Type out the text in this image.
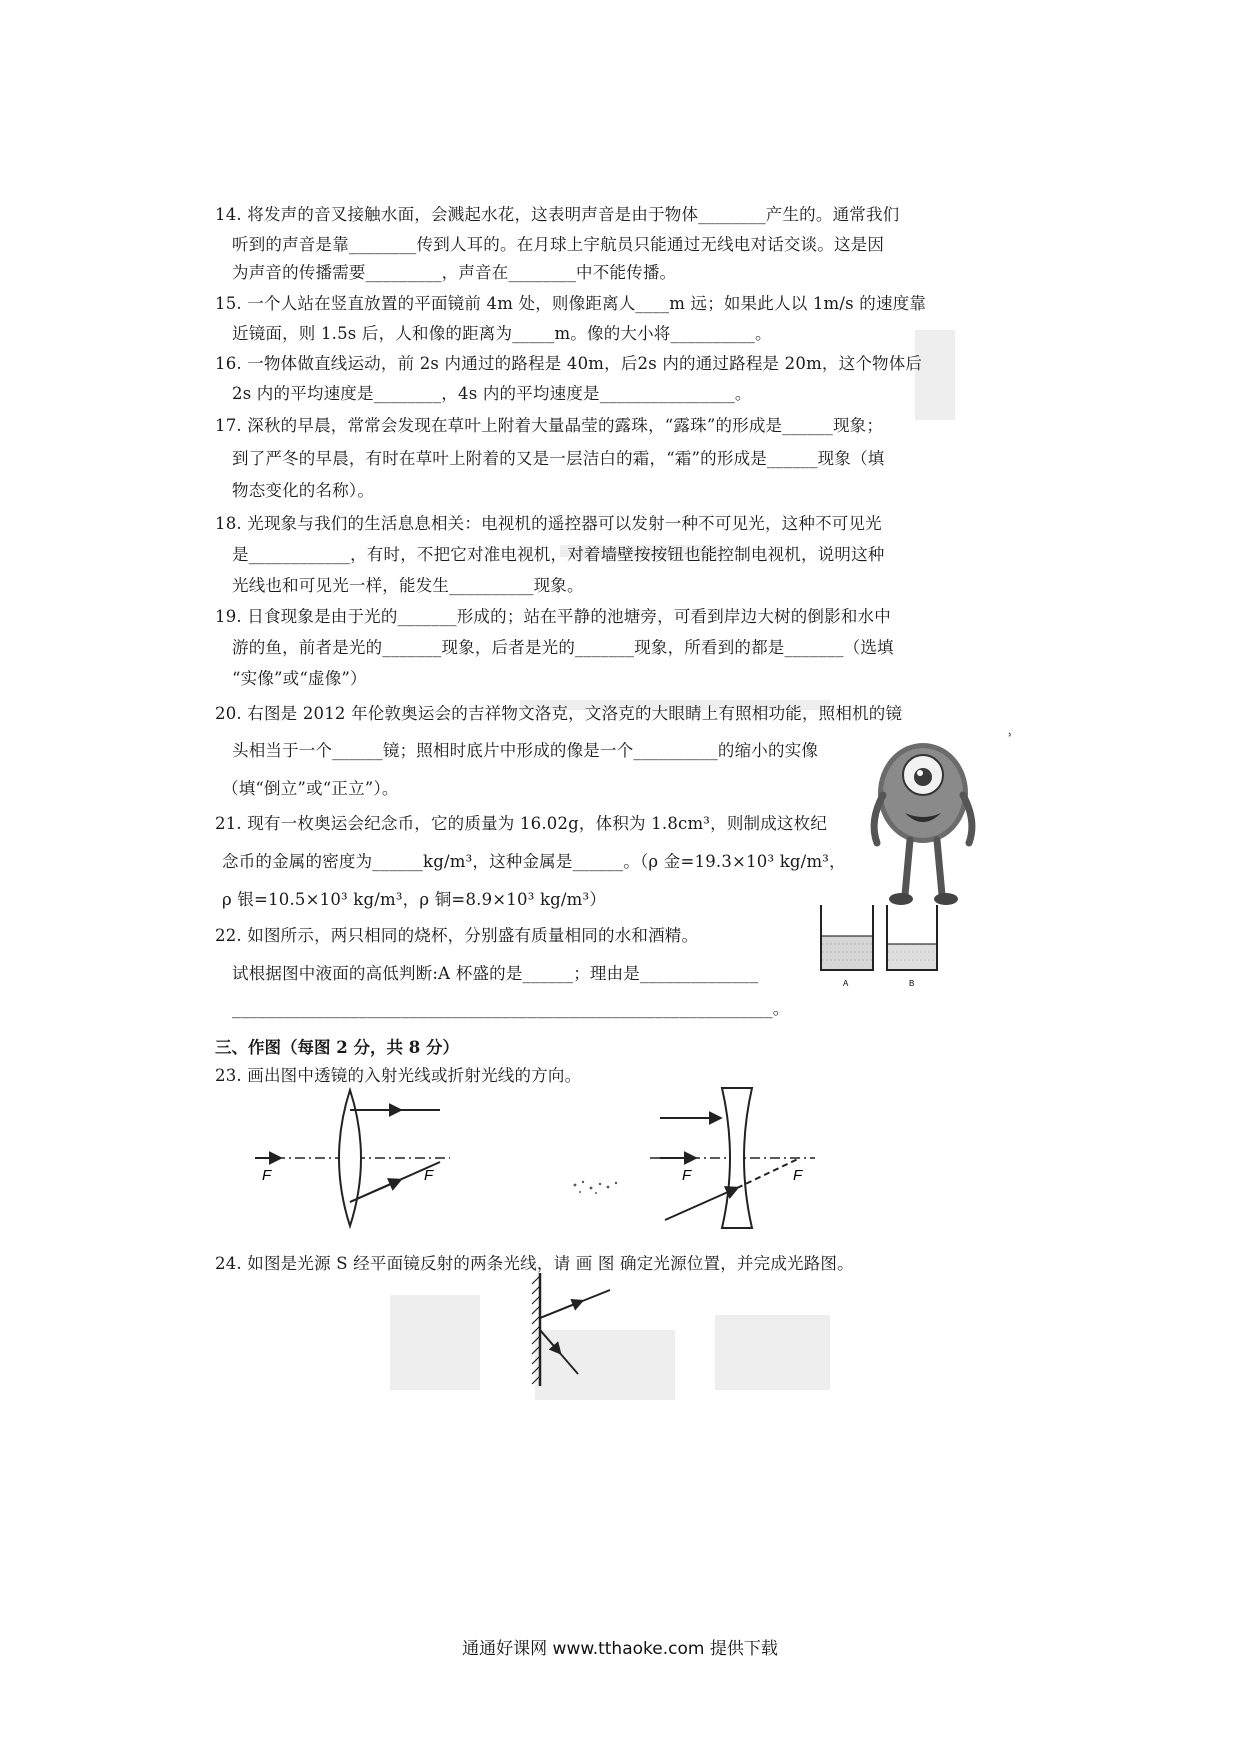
14. 将发声的音叉接触水面，会溅起水花，这表明声音是由于物体________产生的。通常我们
听到的声音是靠________传到人耳的。在月球上宇航员只能通过无线电对话交谈。这是因
为声音的传播需要_________，声音在________中不能传播。
15. 一个人站在竖直放置的平面镜前 4m 处，则像距离人____m 远；如果此人以 1m/s 的速度靠
近镜面，则 1.5s 后，人和像的距离为_____m。像的大小将__________。
16. 一物体做直线运动，前 2s 内通过的路程是 40m，后2s 内的通过路程是 20m，这个物体后
2s 内的平均速度是________，4s 内的平均速度是________________。
17. 深秋的早晨，常常会发现在草叶上附着大量晶莹的露珠，“露珠”的形成是______现象；
到了严冬的早晨，有时在草叶上附着的又是一层洁白的霜，“霜”的形成是______现象（填
物态变化的名称）。
18. 光现象与我们的生活息息相关：电视机的遥控器可以发射一种不可见光，这种不可见光
是____________，有时，不把它对准电视机，对着墙壁按按钮也能控制电视机，说明这种
光线也和可见光一样，能发生__________现象。
19. 日食现象是由于光的_______形成的；站在平静的池塘旁，可看到岸边大树的倒影和水中
游的鱼，前者是光的_______现象，后者是光的_______现象，所看到的都是_______（选填
“实像”或“虚像”）
20. 右图是 2012 年伦敦奥运会的吉祥物文洛克，文洛克的大眼睛上有照相功能，照相机的镜
头相当于一个______镜；照相时底片中形成的像是一个__________的缩小的实像
（填“倒立”或“正立”）。
˒
21. 现有一枚奥运会纪念币，它的质量为 16.02g，体积为 1.8cm³，则制成这枚纪
念币的金属的密度为______kg/m³，这种金属是______。（ρ 金=19.3×10³ kg/m³，
ρ 银=10.5×10³ kg/m³，ρ 铜=8.9×10³ kg/m³）
22. 如图所示，两只相同的烧杯，分别盛有质量相同的水和酒精。
试根据图中液面的高低判断:A 杯盛的是______；理由是______________
________________________________________________________________。
A	B
三、作图（每图 2 分，共 8 分）
23. 画出图中透镜的入射光线或折射光线的方向。
F	F	F	F
24. 如图是光源 S 经平面镜反射的两条光线，请 画 图 确定光源位置，并完成光路图。
通通好课网 www.tthaoke.com 提供下载
